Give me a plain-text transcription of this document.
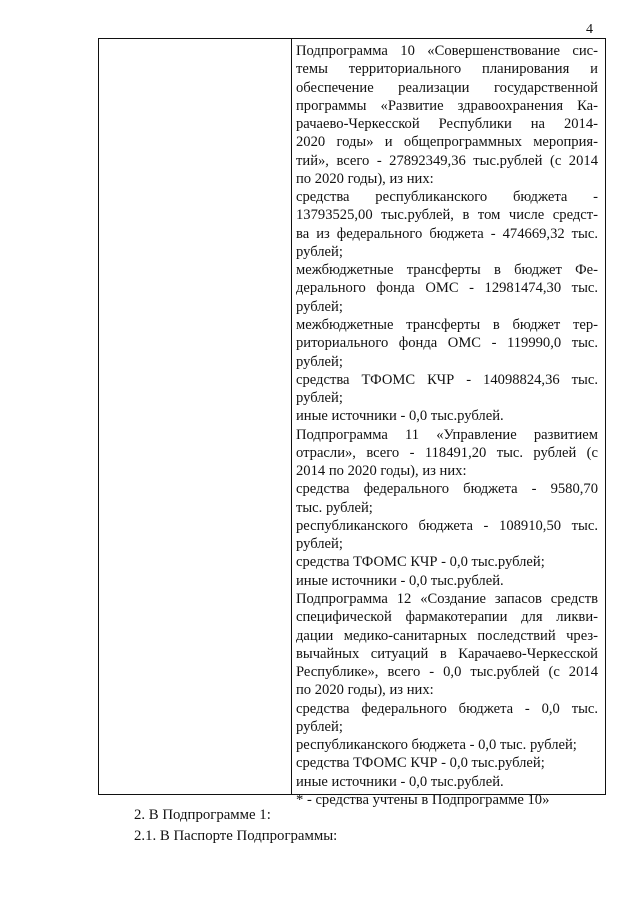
4
Подпрограмма 10 «Совершенствование сис-
темы территориального планирования и
обеспечение реализации государственной
программы «Развитие здравоохранения Ка-
рачаево-Черкесской Республики на 2014-
2020 годы» и общепрограммных мероприя-
тий», всего - 27892349,36 тыс.рублей (с 2014
по 2020 годы), из них:
средства республиканского бюджета -
13793525,00 тыс.рублей, в том числе средст-
ва из федерального бюджета - 474669,32 тыс.
рублей;
межбюджетные трансферты в бюджет Фе-
дерального фонда ОМС - 12981474,30 тыс.
рублей;
межбюджетные трансферты в бюджет тер-
риториального фонда ОМС - 119990,0 тыс.
рублей;
средства ТФОМС КЧР - 14098824,36 тыс.
рублей;
иные источники - 0,0 тыс.рублей.
Подпрограмма 11 «Управление развитием
отрасли», всего - 118491,20 тыс. рублей (с
2014 по 2020 годы), из них:
средства федерального бюджета - 9580,70
тыс. рублей;
республиканского бюджета - 108910,50 тыс.
рублей;
средства ТФОМС КЧР - 0,0 тыс.рублей;
иные источники - 0,0 тыс.рублей.
Подпрограмма 12 «Создание запасов средств
специфической фармакотерапии для ликви-
дации медико-санитарных последствий чрез-
вычайных ситуаций в Карачаево-Черкесской
Республике», всего - 0,0 тыс.рублей (с 2014
по 2020 годы), из них:
средства федерального бюджета - 0,0 тыс.
рублей;
республиканского бюджета - 0,0 тыс. рублей;
средства ТФОМС КЧР - 0,0 тыс.рублей;
иные источники - 0,0 тыс.рублей.
* - средства учтены в Подпрограмме 10»
2. В Подпрограмме 1:
2.1. В Паспорте Подпрограммы:
